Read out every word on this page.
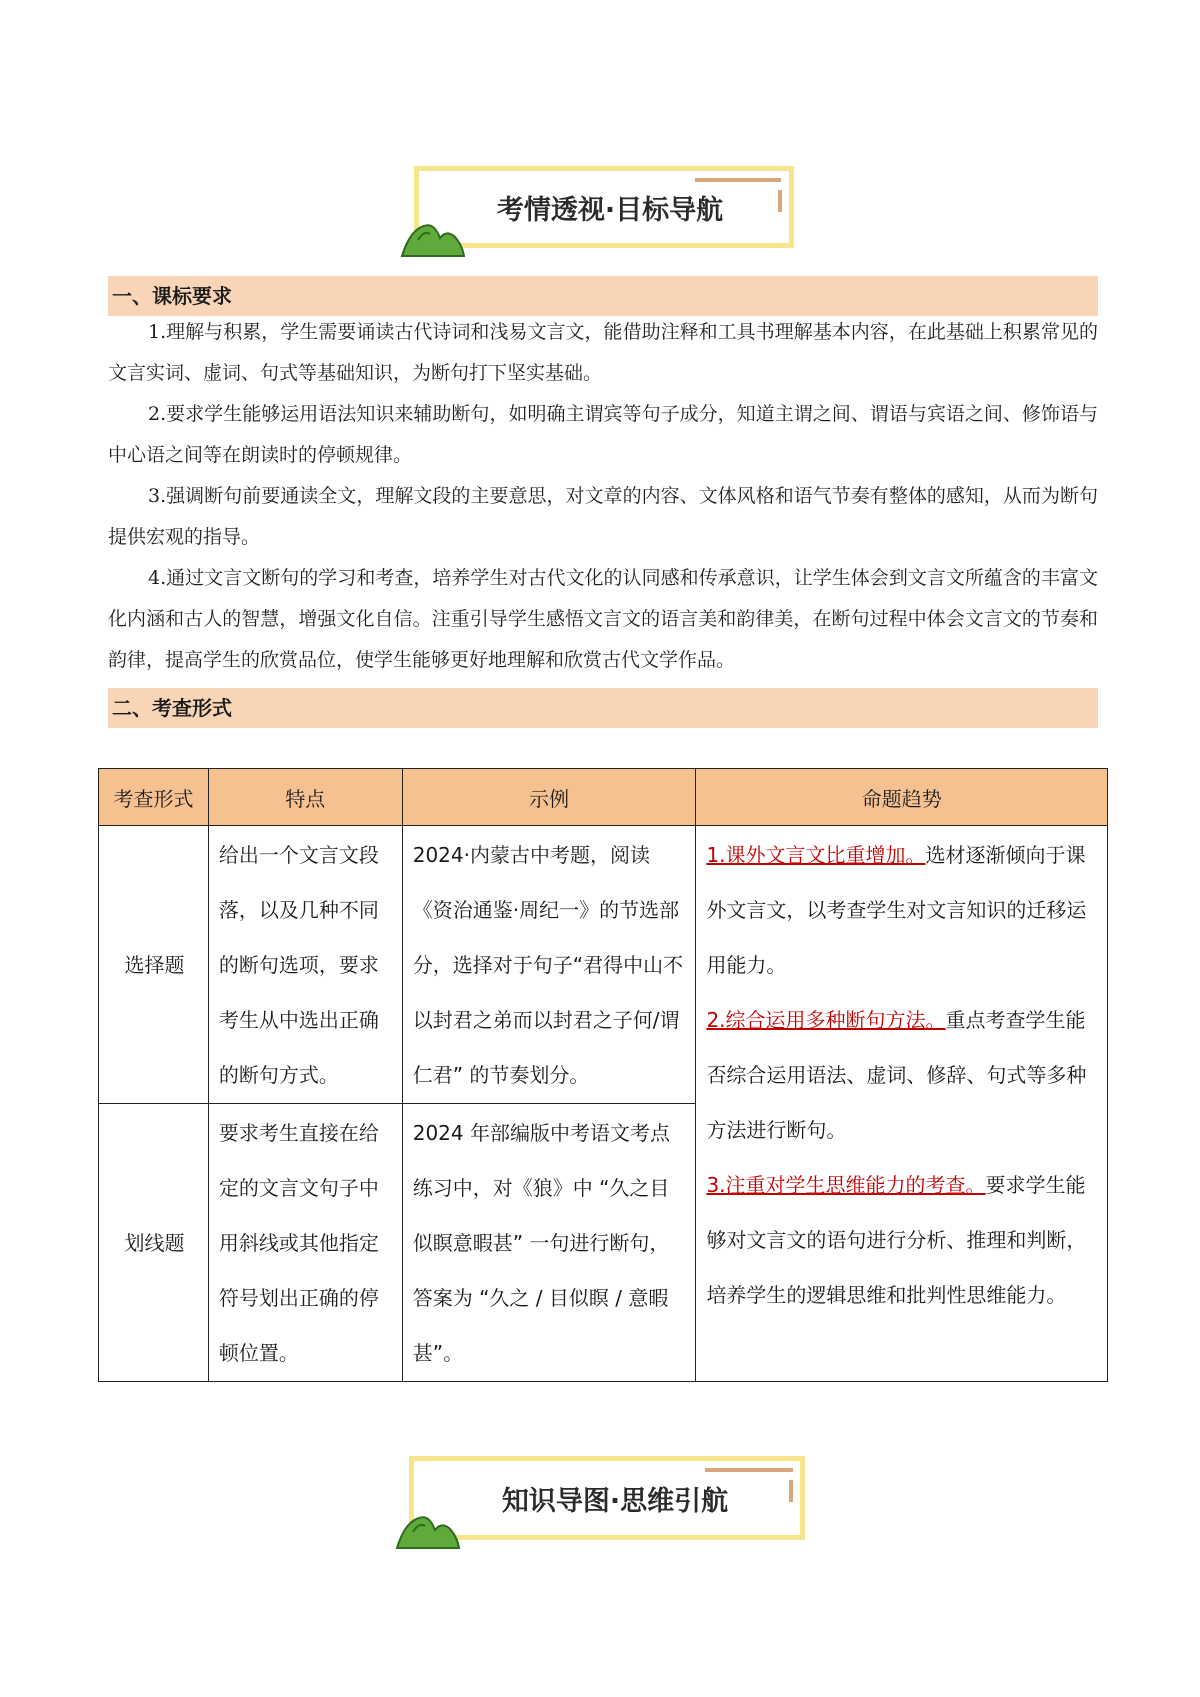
考情透视·目标导航
一、课标要求

1.理解与积累，学生需要诵读古代诗词和浅易文言文，能借助注释和工具书理解基本内容，在此基础上积累常见的文言实词、虚词、句式等基础知识，为断句打下坚实基础。

2.要求学生能够运用语法知识来辅助断句，如明确主谓宾等句子成分，知道主谓之间、谓语与宾语之间、修饰语与中心语之间等在朗读时的停顿规律。

3.强调断句前要通读全文，理解文段的主要意思，对文章的内容、文体风格和语气节奏有整体的感知，从而为断句提供宏观的指导。

4.通过文言文断句的学习和考查，培养学生对古代文化的认同感和传承意识，让学生体会到文言文所蕴含的丰富文化内涵和古人的智慧，增强文化自信。注重引导学生感悟文言文的语言美和韵律美，在断句过程中体会文言文的节奏和韵律，提高学生的欣赏品位，使学生能够更好地理解和欣赏古代文学作品。

二、考查形式
考查形式	特点	示例	命题趋势
选择题	给出一个文言文段落，以及几种不同的断句选项，要求考生从中选出正确的断句方式。	2024·内蒙古中考题，阅读《资治通鉴·周纪一》的节选部分，选择对于句子“君得中山不以封君之弟而以封君之子何/谓仁君” 的节奏划分。	1.课外文言文比重增加。选材逐渐倾向于课外文言文，以考查学生对文言知识的迁移运用能力。
2.综合运用多种断句方法。重点考查学生能否综合运用语法、虚词、修辞、句式等多种方法进行断句。
3.注重对学生思维能力的考查。要求学生能够对文言文的语句进行分析、推理和判断，培养学生的逻辑思维和批判性思维能力。
划线题	要求考生直接在给定的文言文句子中用斜线或其他指定符号划出正确的停顿位置。	2024 年部编版中考语文考点练习中，对《狼》中 “久之目似瞑意暇甚” 一句进行断句，答案为 “久之 / 目似瞑 / 意暇甚”。	
知识导图·思维引航
